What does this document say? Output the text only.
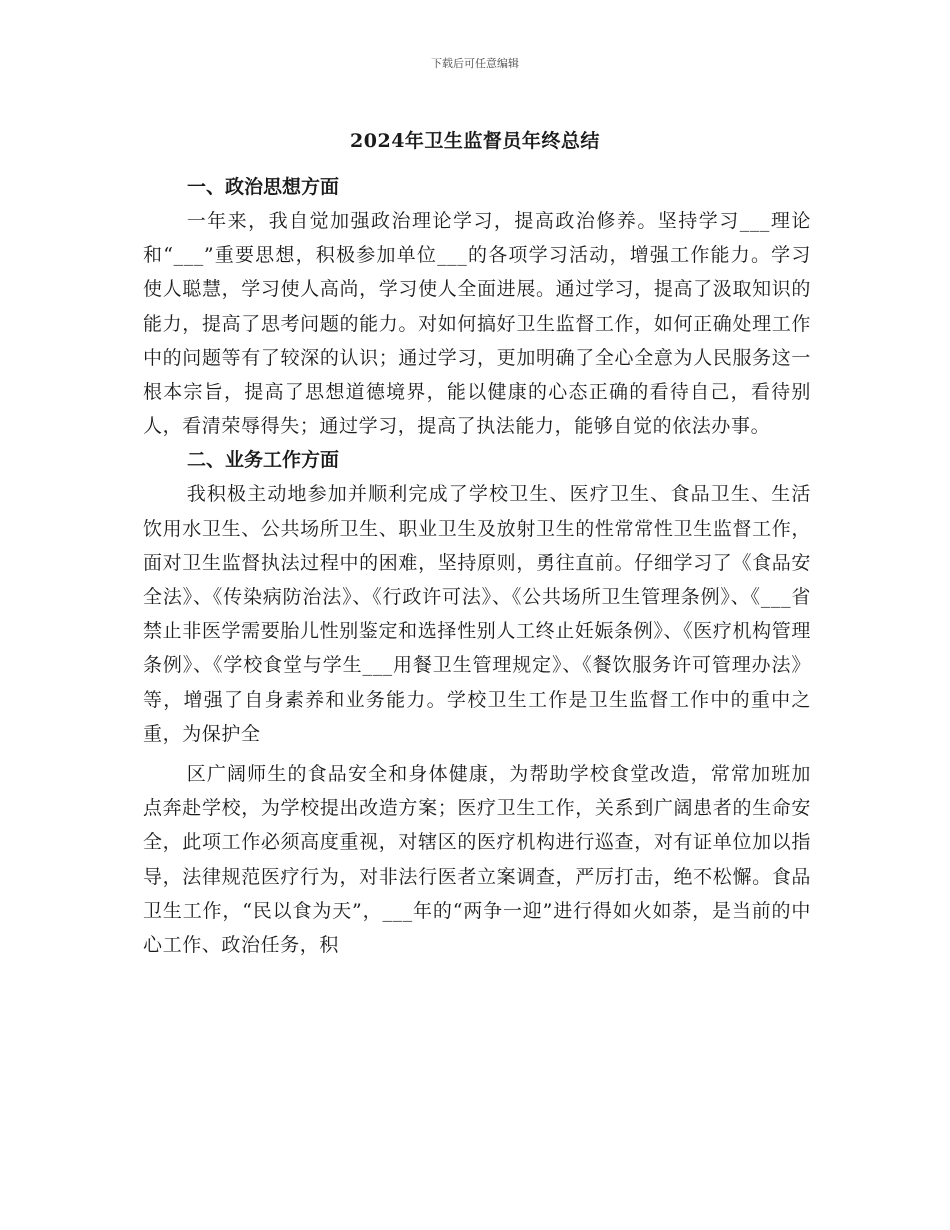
下载后可任意编辑
2024年卫生监督员年终总结
一、政治思想方面

一年来，我自觉加强政治理论学习，提高政治修养。坚持学习___理论和“___”重要思想，积极参加单位___的各项学习活动，增强工作能力。学习使人聪慧，学习使人高尚，学习使人全面进展。通过学习，提高了汲取知识的能力，提高了思考问题的能力。对如何搞好卫生监督工作，如何正确处理工作中的问题等有了较深的认识；通过学习，更加明确了全心全意为人民服务这一根本宗旨，提高了思想道德境界，能以健康的心态正确的看待自己，看待别人，看清荣辱得失；通过学习，提高了执法能力，能够自觉的依法办事。

二、业务工作方面

我积极主动地参加并顺利完成了学校卫生、医疗卫生、食品卫生、生活饮用水卫生、公共场所卫生、职业卫生及放射卫生的性常常性卫生监督工作，面对卫生监督执法过程中的困难，坚持原则，勇往直前。仔细学习了《食品安全法》、《传染病防治法》、《行政许可法》、《公共场所卫生管理条例》、《___省禁止非医学需要胎儿性别鉴定和选择性别人工终止妊娠条例》、《医疗机构管理条例》、《学校食堂与学生___用餐卫生管理规定》、《餐饮服务许可管理办法》等，增强了自身素养和业务能力。学校卫生工作是卫生监督工作中的重中之重，为保护全

区广阔师生的食品安全和身体健康，为帮助学校食堂改造，常常加班加点奔赴学校，为学校提出改造方案；医疗卫生工作，关系到广阔患者的生命安全，此项工作必须高度重视，对辖区的医疗机构进行巡查，对有证单位加以指导，法律规范医疗行为，对非法行医者立案调查，严厉打击，绝不松懈。食品卫生工作，“民以食为天”，___年的“两争一迎”进行得如火如荼，是当前的中心工作、政治任务，积
